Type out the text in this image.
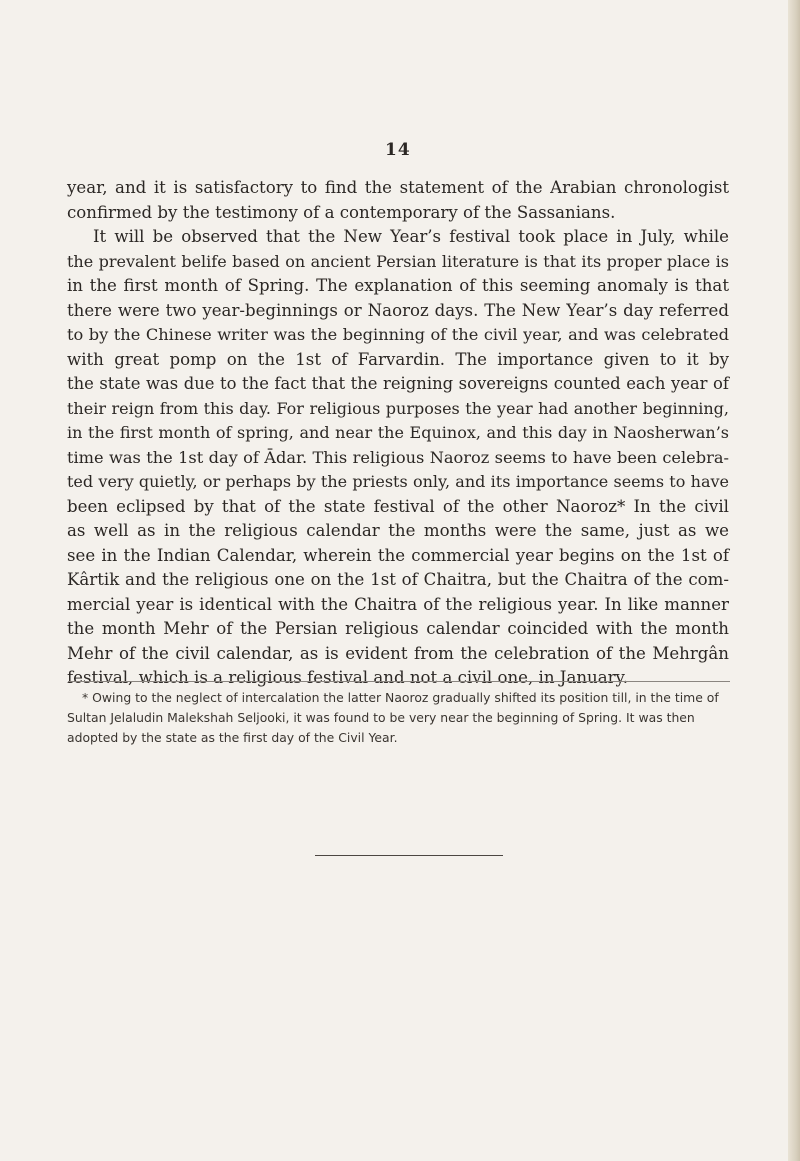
14
year, and it is satisfactory to find the statement of the Arabian chronologist
confirmed by the testimony of a contemporary of the Sassanians.
It will be observed that the New Year’s festival took place in July, while
the prevalent belife based on ancient Persian literature is that its proper place is
in the first month of Spring. The explanation of this seeming anomaly is that
there were two year-beginnings or Naoroz days. The New Year’s day referred
to by the Chinese writer was the beginning of the civil year, and was celebrated
with great pomp on the 1st of Farvardin. The importance given to it by
the state was due to the fact that the reigning sovereigns counted each year of
their reign from this day. For religious purposes the year had another beginning,
in the first month of spring, and near the Equinox, and this day in Naosherwan’s
time was the 1st day of Ādar. This religious Naoroz seems to have been celebra-
ted very quietly, or perhaps by the priests only, and its importance seems to have
been eclipsed by that of the state festival of the other Naoroz* In the civil
as well as in the religious calendar the months were the same, just as we
see in the Indian Calendar, wherein the commercial year begins on the 1st of
Kârtik and the religious one on the 1st of Chaitra, but the Chaitra of the com-
mercial year is identical with the Chaitra of the religious year. In like manner
the month Mehr of the Persian religious calendar coincided with the month
Mehr of the civil calendar, as is evident from the celebration of the Mehrgân
festival, which is a religious festival and not a civil one, in January.
* Owing to the neglect of intercalation the latter Naoroz gradually shifted its position till, in the time of
Sultan Jelaludin Malekshah Seljooki, it was found to be very near the beginning of Spring. It was then
adopted by the state as the first day of the Civil Year.
